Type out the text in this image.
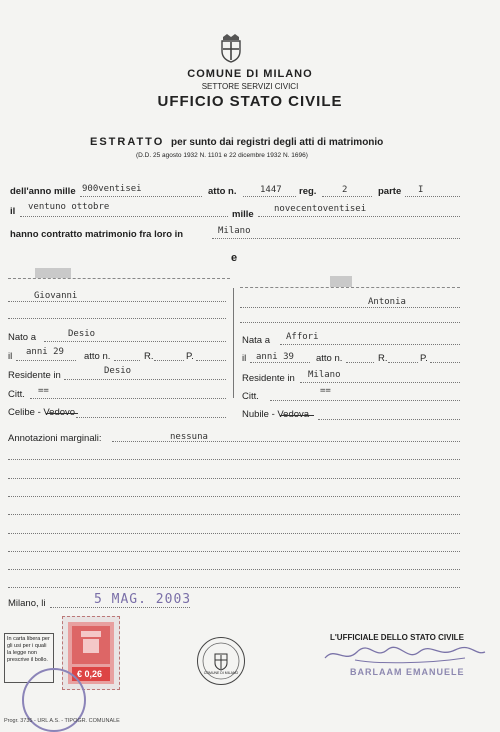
COMUNE DI MILANO
SETTORE SERVIZI CIVICI
UFFICIO STATO CIVILE
ESTRATTO per sunto dai registri degli atti di matrimonio
(D.D. 25 agosto 1932 N. 1101 e 22 dicembre 1932 N. 1696)
dell'anno mille 900ventisei	atto n.	1447 reg.	2	parte I
il ventuno ottobre
mille novecentoventisei
hanno contratto matrimonio fra loro in	Milano
e
Giovanni
Nato a	Desio
il anni 29 atto n.	R.	P.
Residente in	Desio
Citt. ==
Celibe - Vedovo
Antonia
Nata a Affori
il anni 39 atto n.	R.	P.
Residente in Milano
Citt.	==
Nubile - Vedova
Annotazioni marginali:	nessuna
Milano, li	5 MAG. 2003
In carta libera per gli usi per i quali la legge non prescrive il bollo.
€ 0,26	COMUNE DI MILANO
L'UFFICIALE DELLO STATO CIVILE
BARLAAM EMANUELE
Progr. 3735 - URL A.S. - TIPOGR. COMUNALE
